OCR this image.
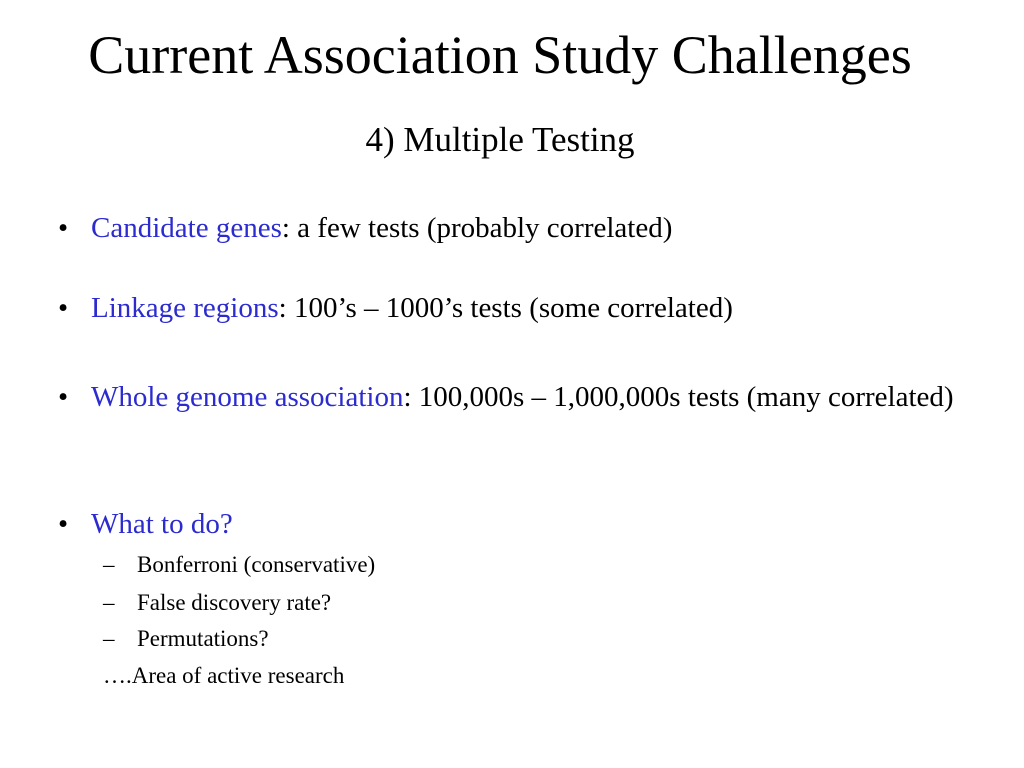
Current Association Study Challenges
4) Multiple Testing
• Candidate genes: a few tests (probably correlated)
• Linkage regions: 100’s – 1000’s tests (some correlated)
• Whole genome association: 100,000s – 1,000,000s tests (many correlated)
• What to do?
– Bonferroni (conservative)
– False discovery rate?
– Permutations?
….Area of active research
